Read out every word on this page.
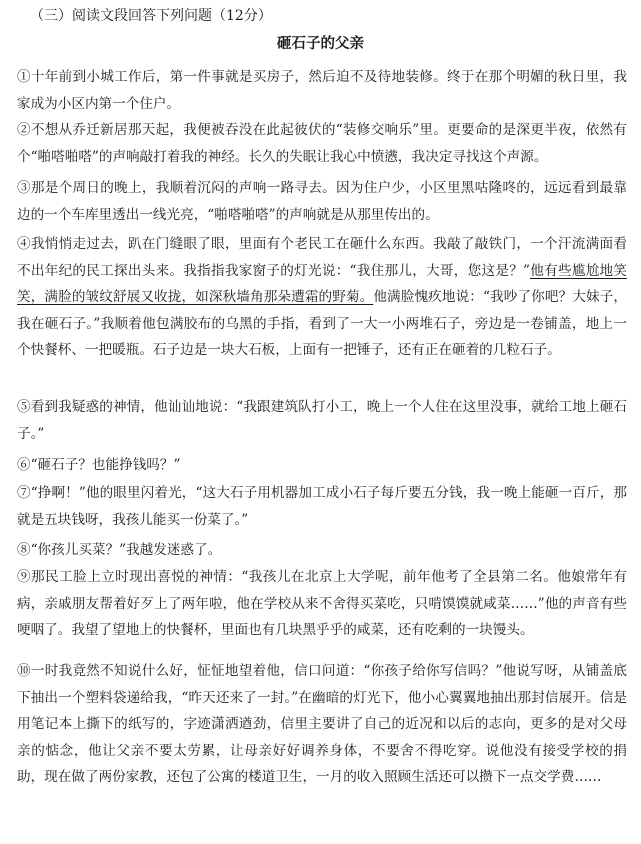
（三）阅读文段回答下列问题（12分）
砸石子的父亲

①十年前到小城工作后，第一件事就是买房子，然后迫不及待地装修。终于在那个明媚的秋日里，我家成为小区内第一个住户。

②不想从乔迁新居那天起，我便被吞没在此起彼伏的“装修交响乐”里。更要命的是深更半夜，依然有个“啪嗒啪嗒”的声响敲打着我的神经。长久的失眠让我心中愤懑，我决定寻找这个声源。

③那是个周日的晚上，我顺着沉闷的声响一路寻去。因为住户少，小区里黑咕隆咚的，远远看到最靠边的一个车库里透出一线光亮，“啪嗒啪嗒”的声响就是从那里传出的。

④我悄悄走过去，趴在门缝眼了眼，里面有个老民工在砸什么东西。我敲了敲铁门，一个汗流满面看不出年纪的民工探出头来。我指指我家窗子的灯光说：“我住那儿，大哥，您这是？”他有些尴尬地笑笑，满脸的皱纹舒展又收拢，如深秋墙角那朵遭霜的野菊。他满脸愧疚地说：“我吵了你吧？大妹子，我在砸石子。”我顺着他包满胶布的乌黑的手指，看到了一大一小两堆石子，旁边是一卷铺盖，地上一个快餐杯、一把暖瓶。石子边是一块大石板，上面有一把锤子，还有正在砸着的几粒石子。

⑤看到我疑惑的神情，他讪讪地说：“我跟建筑队打小工，晚上一个人住在这里没事，就给工地上砸石子。”

⑥“砸石子？也能挣钱吗？”

⑦“挣啊！”他的眼里闪着光，“这大石子用机器加工成小石子每斤要五分钱，我一晚上能砸一百斤，那就是五块钱呀，我孩儿能买一份菜了。”

⑧“你孩儿买菜？”我越发迷惑了。

⑨那民工脸上立时现出喜悦的神情：“我孩儿在北京上大学呢，前年他考了全县第二名。他娘常年有病，亲戚朋友帮着好歹上了两年啦，他在学校从来不舍得买菜吃，只啃馍馍就咸菜……”他的声音有些哽咽了。我望了望地上的快餐杯，里面也有几块黑乎乎的咸菜，还有吃剩的一块馒头。

⑩一时我竟然不知说什么好，怔怔地望着他，信口问道：“你孩子给你写信吗？”他说写呀，从铺盖底下抽出一个塑料袋递给我，“昨天还来了一封。”在幽暗的灯光下，他小心翼翼地抽出那封信展开。信是用笔记本上撕下的纸写的，字迹潇洒遒劲，信里主要讲了自己的近况和以后的志向，更多的是对父母亲的惦念，他让父亲不要太劳累，让母亲好好调养身体，不要舍不得吃穿。说他没有接受学校的捐助，现在做了两份家教，还包了公寓的楼道卫生，一月的收入照顾生活还可以攒下一点交学费……
